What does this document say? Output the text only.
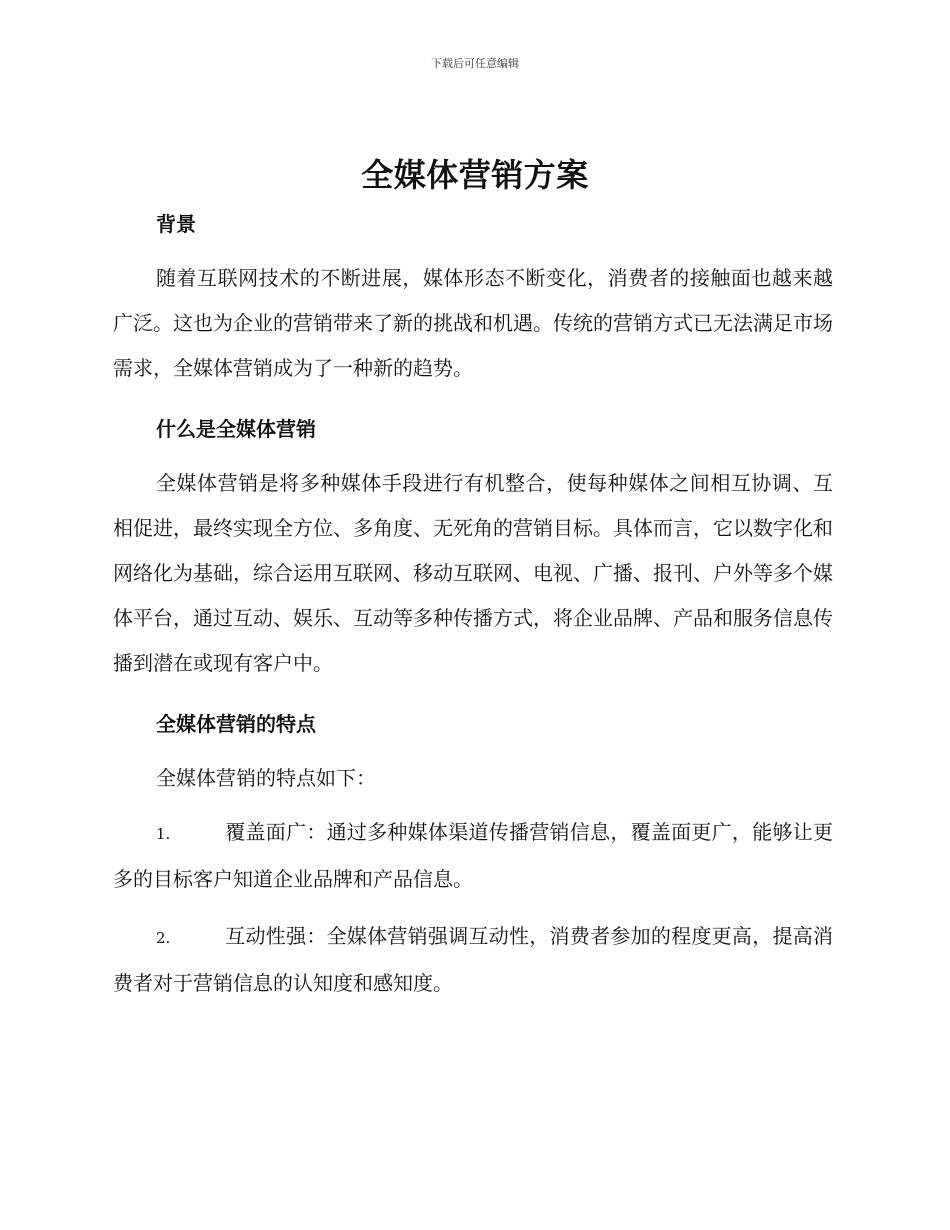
下载后可任意编辑
全媒体营销方案
背景

随着互联网技术的不断进展，媒体形态不断变化，消费者的接触面也越来越广泛。这也为企业的营销带来了新的挑战和机遇。传统的营销方式已无法满足市场需求，全媒体营销成为了一种新的趋势。

什么是全媒体营销

全媒体营销是将多种媒体手段进行有机整合，使每种媒体之间相互协调、互相促进，最终实现全方位、多角度、无死角的营销目标。具体而言，它以数字化和网络化为基础，综合运用互联网、移动互联网、电视、广播、报刊、户外等多个媒体平台，通过互动、娱乐、互动等多种传播方式，将企业品牌、产品和服务信息传播到潜在或现有客户中。

全媒体营销的特点

全媒体营销的特点如下：

1.	覆盖面广：通过多种媒体渠道传播营销信息，覆盖面更广，能够让更多的目标客户知道企业品牌和产品信息。
2.	互动性强：全媒体营销强调互动性，消费者参加的程度更高，提高消费者对于营销信息的认知度和感知度。
